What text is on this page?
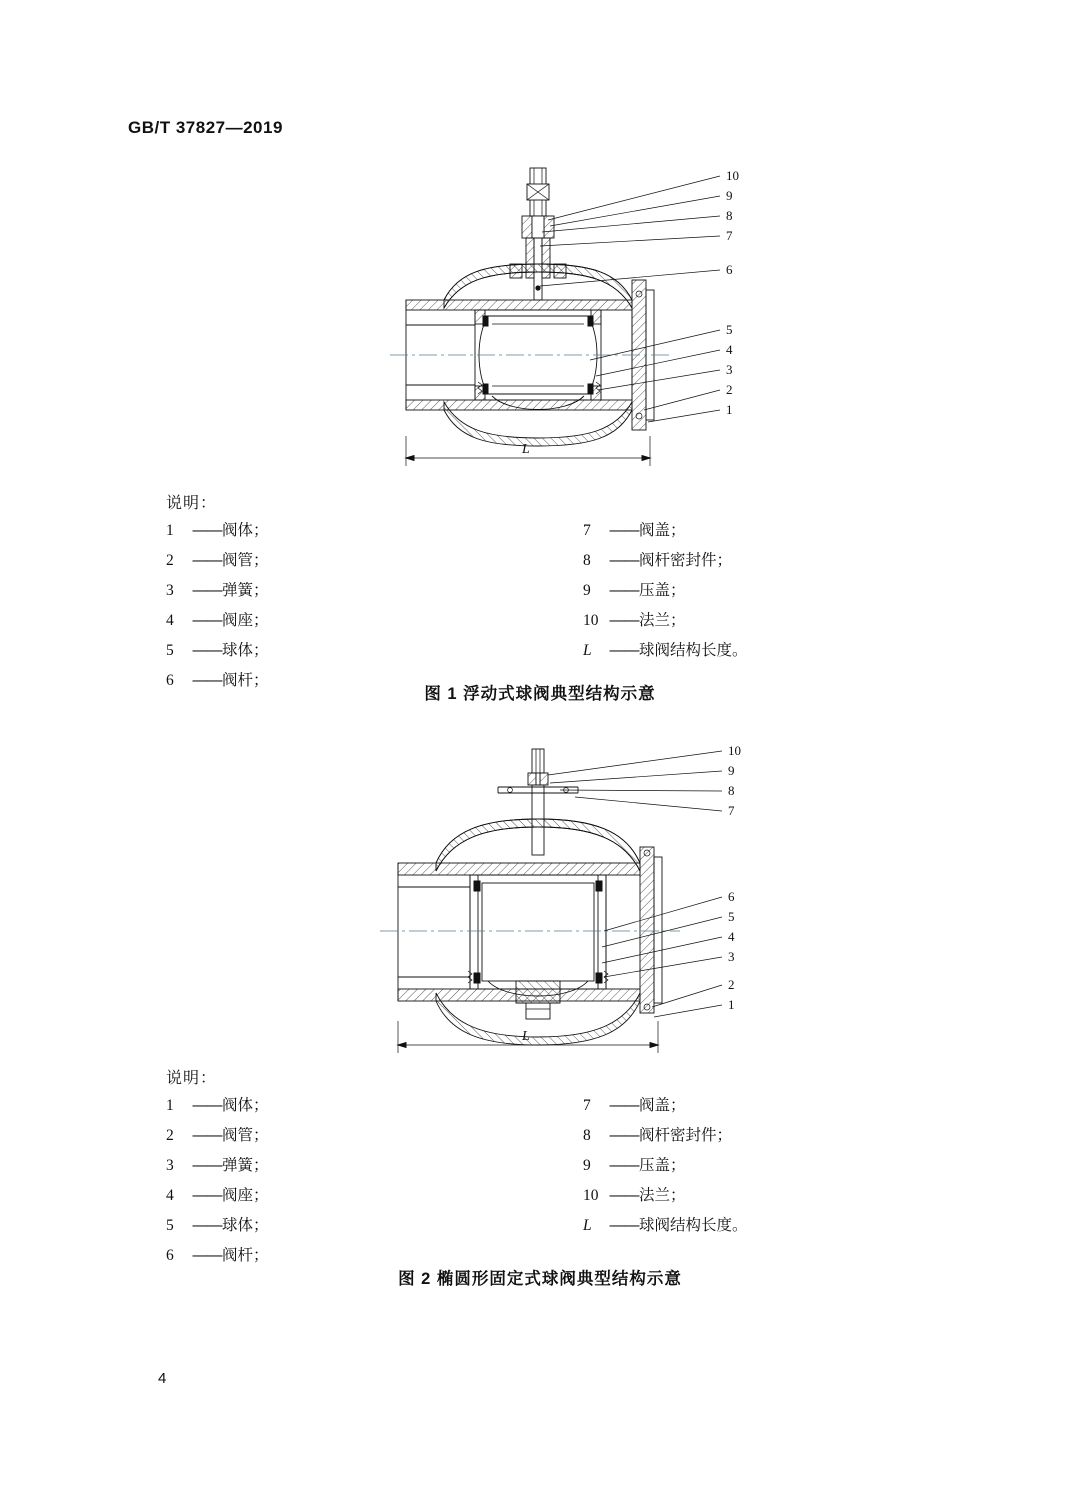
GB/T 37827—2019
L
10
9
8
7
6
5
4
3
2
1
说明：
1	—— 阀体；
2	—— 阀管；
3	—— 弹簧；
4	—— 阀座；
5	—— 球体；
6	—— 阀杆；
7	—— 阀盖；
8	—— 阀杆密封件；
9	—— 压盖；
10 —— 法兰；
L	—— 球阀结构长度。
图 1 浮动式球阀典型结构示意
L
10
9
8
7
6
5
4
3
2
1
说明：
1	—— 阀体；
2	—— 阀管；
3	—— 弹簧；
4	—— 阀座；
5	—— 球体；
6	—— 阀杆；
7	—— 阀盖；
8	—— 阀杆密封件；
9	—— 压盖；
10 —— 法兰；
L	—— 球阀结构长度。
图 2 椭圆形固定式球阀典型结构示意
4
